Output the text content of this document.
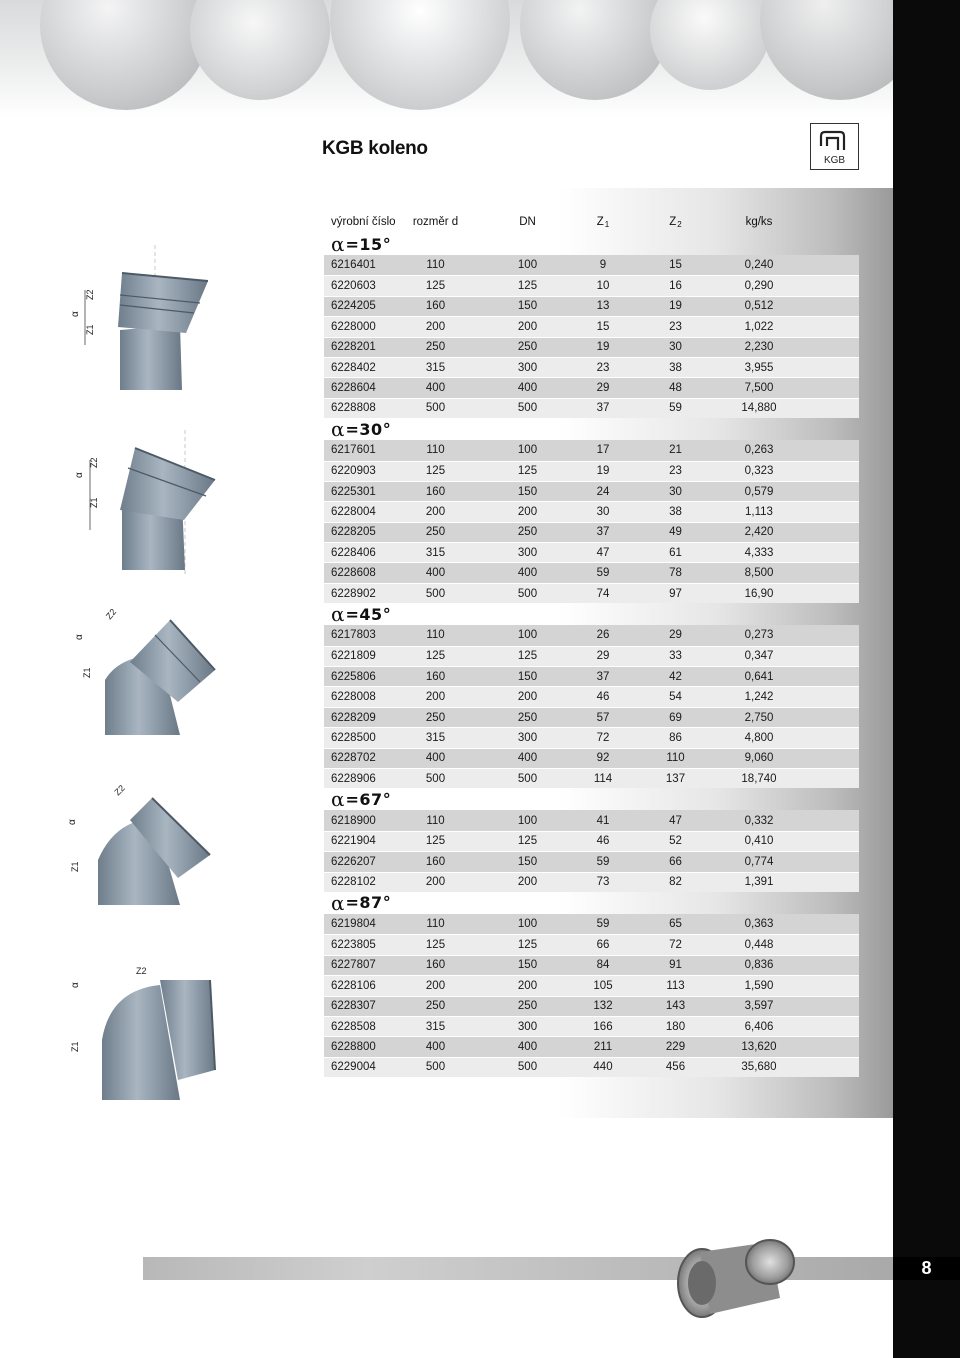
KGB koleno
KGB
α
Z2
Z1
α
Z2
Z1
α
Z2
Z1
α
Z2
Z1
α
Z2
Z1
výrobní číslo	rozměr d	DN	$Z_1$	$Z_2$	kg/ks
α =15°
6216401	110	100	9	15	0,240
6220603	125	125	10	16	0,290
6224205	160	150	13	19	0,512
6228000	200	200	15	23	1,022
6228201	250	250	19	30	2,230
6228402	315	300	23	38	3,955
6228604	400	400	29	48	7,500
6228808	500	500	37	59	14,880
α =30°
6217601	110	100	17	21	0,263
6220903	125	125	19	23	0,323
6225301	160	150	24	30	0,579
6228004	200	200	30	38	1,113
6228205	250	250	37	49	2,420
6228406	315	300	47	61	4,333
6228608	400	400	59	78	8,500
6228902	500	500	74	97	16,90
α =45°
6217803	110	100	26	29	0,273
6221809	125	125	29	33	0,347
6225806	160	150	37	42	0,641
6228008	200	200	46	54	1,242
6228209	250	250	57	69	2,750
6228500	315	300	72	86	4,800
6228702	400	400	92	110	9,060
6228906	500	500	114	137	18,740
α =67°
6218900	110	100	41	47	0,332
6221904	125	125	46	52	0,410
6226207	160	150	59	66	0,774
6228102	200	200	73	82	1,391
α =87°
6219804	110	100	59	65	0,363
6223805	125	125	66	72	0,448
6227807	160	150	84	91	0,836
6228106	200	200	105	113	1,590
6228307	250	250	132	143	3,597
6228508	315	300	166	180	6,406
6228800	400	400	211	229	13,620
6229004	500	500	440	456	35,680
8
